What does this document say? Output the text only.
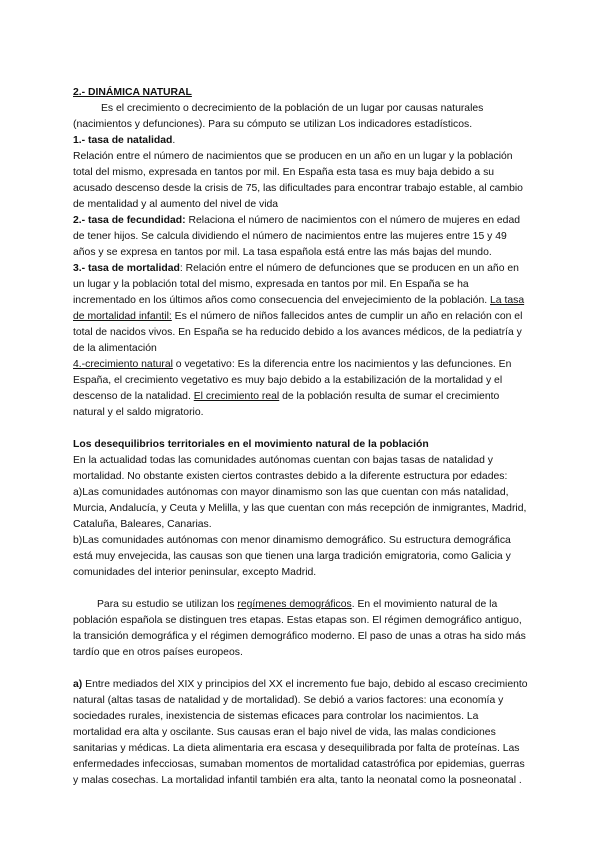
2.- DINÁMICA NATURAL

Es el crecimiento o decrecimiento de la población de un lugar por causas naturales (nacimientos y defunciones). Para su cómputo se utilizan Los indicadores estadísticos.

1.- tasa de natalidad.

Relación entre el número de nacimientos que se producen en un año en un lugar y la población total del mismo, expresada en tantos por mil. En España esta tasa es muy baja debido a su acusado descenso desde la crisis de 75, las dificultades para encontrar trabajo estable, al cambio de mentalidad y al aumento del nivel de vida

2.- tasa de fecundidad: Relaciona el número de nacimientos con el número de mujeres en edad de tener hijos. Se calcula dividiendo el número de nacimientos entre las mujeres entre 15 y 49 años y se expresa en tantos por mil. La tasa española está entre las más bajas del mundo.

3.- tasa de mortalidad: Relación entre el número de defunciones que se producen en un año en un lugar y la población total del mismo, expresada en tantos por mil. En España se ha incrementado en los últimos años como consecuencia del envejecimiento de la población. La tasa de mortalidad infantil: Es el número de niños fallecidos antes de cumplir un año en relación con el total de nacidos vivos. En España se ha reducido debido a los avances médicos, de la pediatría y de la alimentación

4.-crecimiento natural o vegetativo: Es la diferencia entre los nacimientos y las defunciones. En España, el crecimiento vegetativo es muy bajo debido a la estabilización de la mortalidad y el descenso de la natalidad. El crecimiento real de la población resulta de sumar el crecimiento natural y el saldo migratorio.

Los desequilibrios territoriales en el movimiento natural de la población

En la actualidad todas las comunidades autónomas cuentan con bajas tasas de natalidad y mortalidad. No obstante existen ciertos contrastes debido a la diferente estructura por edades:

a)Las comunidades autónomas con mayor dinamismo son las que cuentan con más natalidad, Murcia, Andalucía, y Ceuta y Melilla, y las que cuentan con más recepción de inmigrantes, Madrid, Cataluña, Baleares, Canarias.

b)Las comunidades autónomas con menor dinamismo demográfico. Su estructura demográfica está muy envejecida, las causas son que tienen una larga tradición emigratoria, como Galicia y comunidades del interior peninsular, excepto Madrid.

Para su estudio se utilizan los regímenes demográficos. En el movimiento natural de la población española se distinguen tres etapas. Estas etapas son. El régimen demográfico antiguo, la transición demográfica y el régimen demográfico moderno. El paso de unas a otras ha sido más tardío que en otros países europeos.

a) Entre mediados del XIX y principios del XX el incremento fue bajo, debido al escaso crecimiento natural (altas tasas de natalidad y de mortalidad). Se debió a varios factores: una economía y sociedades rurales, inexistencia de sistemas eficaces para controlar los nacimientos. La mortalidad era alta y oscilante. Sus causas eran el bajo nivel de vida, las malas condiciones sanitarias y médicas. La dieta alimentaria era escasa y desequilibrada por falta de proteínas. Las enfermedades infecciosas, sumaban momentos de mortalidad catastrófica por epidemias, guerras y malas cosechas. La mortalidad infantil también era alta, tanto la neonatal como la posneonatal .
